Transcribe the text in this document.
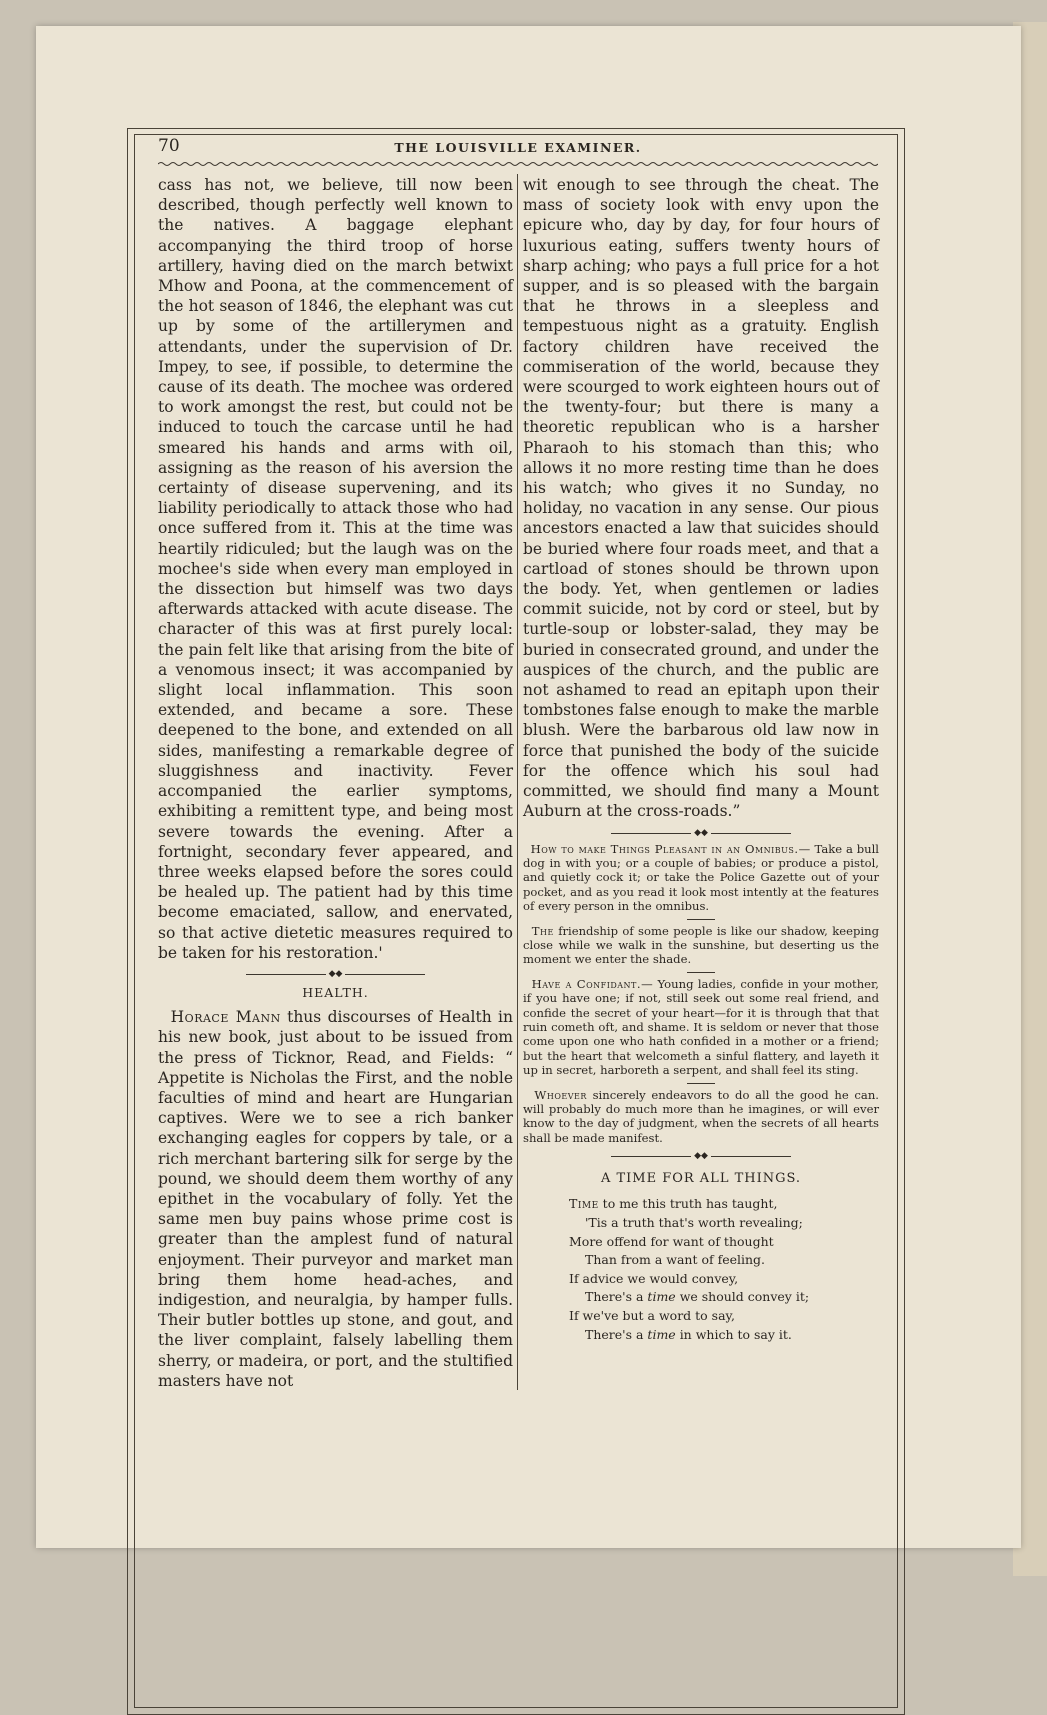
70	THE LOUISVILLE EXAMINER.

cass has not, we believe, till now been described, though perfectly well known to the natives. A baggage elephant accompanying the third troop of horse artillery, having died on the march betwixt Mhow and Poona, at the commencement of the hot season of 1846, the elephant was cut up by some of the artillerymen and attendants, under the supervision of Dr. Impey, to see, if possible, to determine the cause of its death. The mochee was ordered to work amongst the rest, but could not be induced to touch the carcase until he had smeared his hands and arms with oil, assigning as the reason of his aversion the certainty of disease supervening, and its liability periodically to attack those who had once suffered from it. This at the time was heartily ridiculed; but the laugh was on the mochee's side when every man employed in the dissection but himself was two days afterwards attacked with acute disease. The character of this was at first purely local: the pain felt like that arising from the bite of a venomous insect; it was accompanied by slight local inflammation. This soon extended, and became a sore. These deepened to the bone, and extended on all sides, manifesting a remarkable degree of sluggishness and inactivity. Fever accompanied the earlier symptoms, exhibiting a remittent type, and being most severe towards the evening. After a fortnight, secondary fever appeared, and three weeks elapsed before the sores could be healed up. The patient had by this time become emaciated, sallow, and enervated, so that active dietetic measures required to be taken for his restoration.'

◆◆
HEALTH.

Horace Mann thus discourses of Health in his new book, just about to be issued from the press of Ticknor, Read, and Fields: “ Appetite is Nicholas the First, and the noble faculties of mind and heart are Hungarian captives. Were we to see a rich banker exchanging eagles for coppers by tale, or a rich merchant bartering silk for serge by the pound, we should deem them worthy of any epithet in the vocabulary of folly. Yet the same men buy pains whose prime cost is greater than the amplest fund of natural enjoyment. Their purveyor and market man bring them home head-aches, and indigestion, and neuralgia, by hamper fulls. Their butler bottles up stone, and gout, and the liver complaint, falsely labelling them sherry, or madeira, or port, and the stultified masters have not

wit enough to see through the cheat. The mass of society look with envy upon the epicure who, day by day, for four hours of luxurious eating, suffers twenty hours of sharp aching; who pays a full price for a hot supper, and is so pleased with the bargain that he throws in a sleepless and tempestuous night as a gratuity. English factory children have received the commiseration of the world, because they were scourged to work eighteen hours out of the twenty-four; but there is many a theoretic republican who is a harsher Pharaoh to his stomach than this; who allows it no more resting time than he does his watch; who gives it no Sunday, no holiday, no vacation in any sense. Our pious ancestors enacted a law that suicides should be buried where four roads meet, and that a cartload of stones should be thrown upon the body. Yet, when gentlemen or ladies commit suicide, not by cord or steel, but by turtle-soup or lobster-salad, they may be buried in consecrated ground, and under the auspices of the church, and the public are not ashamed to read an epitaph upon their tombstones false enough to make the marble blush. Were the barbarous old law now in force that punished the body of the suicide for the offence which his soul had committed, we should find many a Mount Auburn at the cross-roads.”

◆◆

How to make Things Pleasant in an Omnibus.— Take a bull dog in with you; or a couple of babies; or produce a pistol, and quietly cock it; or take the Police Gazette out of your pocket, and as you read it look most intently at the features of every person in the omnibus.

The friendship of some people is like our shadow, keeping close while we walk in the sunshine, but deserting us the moment we enter the shade.

Have a Confidant.— Young ladies, confide in your mother, if you have one; if not, still seek out some real friend, and confide the secret of your heart—for it is through that that ruin cometh oft, and shame. It is seldom or never that those come upon one who hath confided in a mother or a friend; but the heart that welcometh a sinful flattery, and layeth it up in secret, harboreth a serpent, and shall feel its sting.

Whoever sincerely endeavors to do all the good he can. will probably do much more than he imagines, or will ever know to the day of judgment, when the secrets of all hearts shall be made manifest.

◆◆
A TIME FOR ALL THINGS.
Time to me this truth has taught,
'Tis a truth that's worth revealing;
More offend for want of thought
Than from a want of feeling.
If advice we would convey,
There's a time we should convey it;
If we've but a word to say,
There's a time in which to say it.
